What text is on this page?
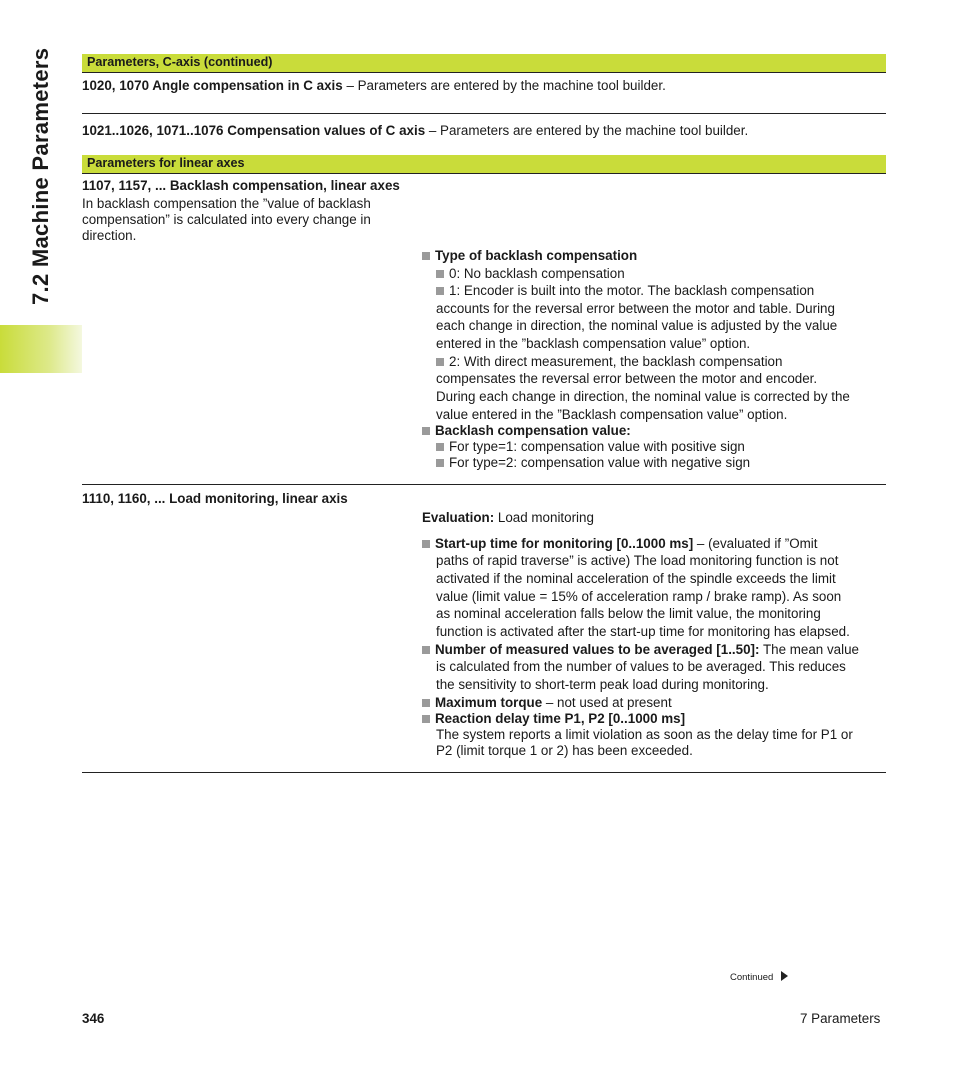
7.2 Machine Parameters	Parameters, C-axis (continued)
1020, 1070 Angle compensation in C axis – Parameters are entered by the machine tool builder.
1021..1026, 1071..1076 Compensation values of C axis – Parameters are entered by the machine tool builder.
Parameters for linear axes
1107, 1157, ... Backlash compensation, linear axes
In backlash compensation the ”value of backlash
compensation” is calculated into every change in
direction.
Type of backlash compensation
0: No backlash compensation
1: Encoder is built into the motor. The backlash compensation
accounts for the reversal error between the motor and table. During
each change in direction, the nominal value is adjusted by the value
entered in the ”backlash compensation value” option.
2: With direct measurement, the backlash compensation
compensates the reversal error between the motor and encoder.
During each change in direction, the nominal value is corrected by the
value entered in the ”Backlash compensation value” option.
Backlash compensation value:
For type=1: compensation value with positive sign
For type=2: compensation value with negative sign
1110, 1160, ... Load monitoring, linear axis
Evaluation: Load monitoring
Start-up time for monitoring [0..1000 ms] – (evaluated if ”Omit
paths of rapid traverse” is active) The load monitoring function is not
activated if the nominal acceleration of the spindle exceeds the limit
value (limit value = 15% of acceleration ramp / brake ramp). As soon
as nominal acceleration falls below the limit value, the monitoring
function is activated after the start-up time for monitoring has elapsed.
Number of measured values to be averaged [1..50]: The mean value
is calculated from the number of values to be averaged. This reduces
the sensitivity to short-term peak load during monitoring.
Maximum torque – not used at present
Reaction delay time P1, P2 [0..1000 ms]
The system reports a limit violation as soon as the delay time for P1 or
P2 (limit torque 1 or 2) has been exceeded.
Continued
346	7 Parameters
